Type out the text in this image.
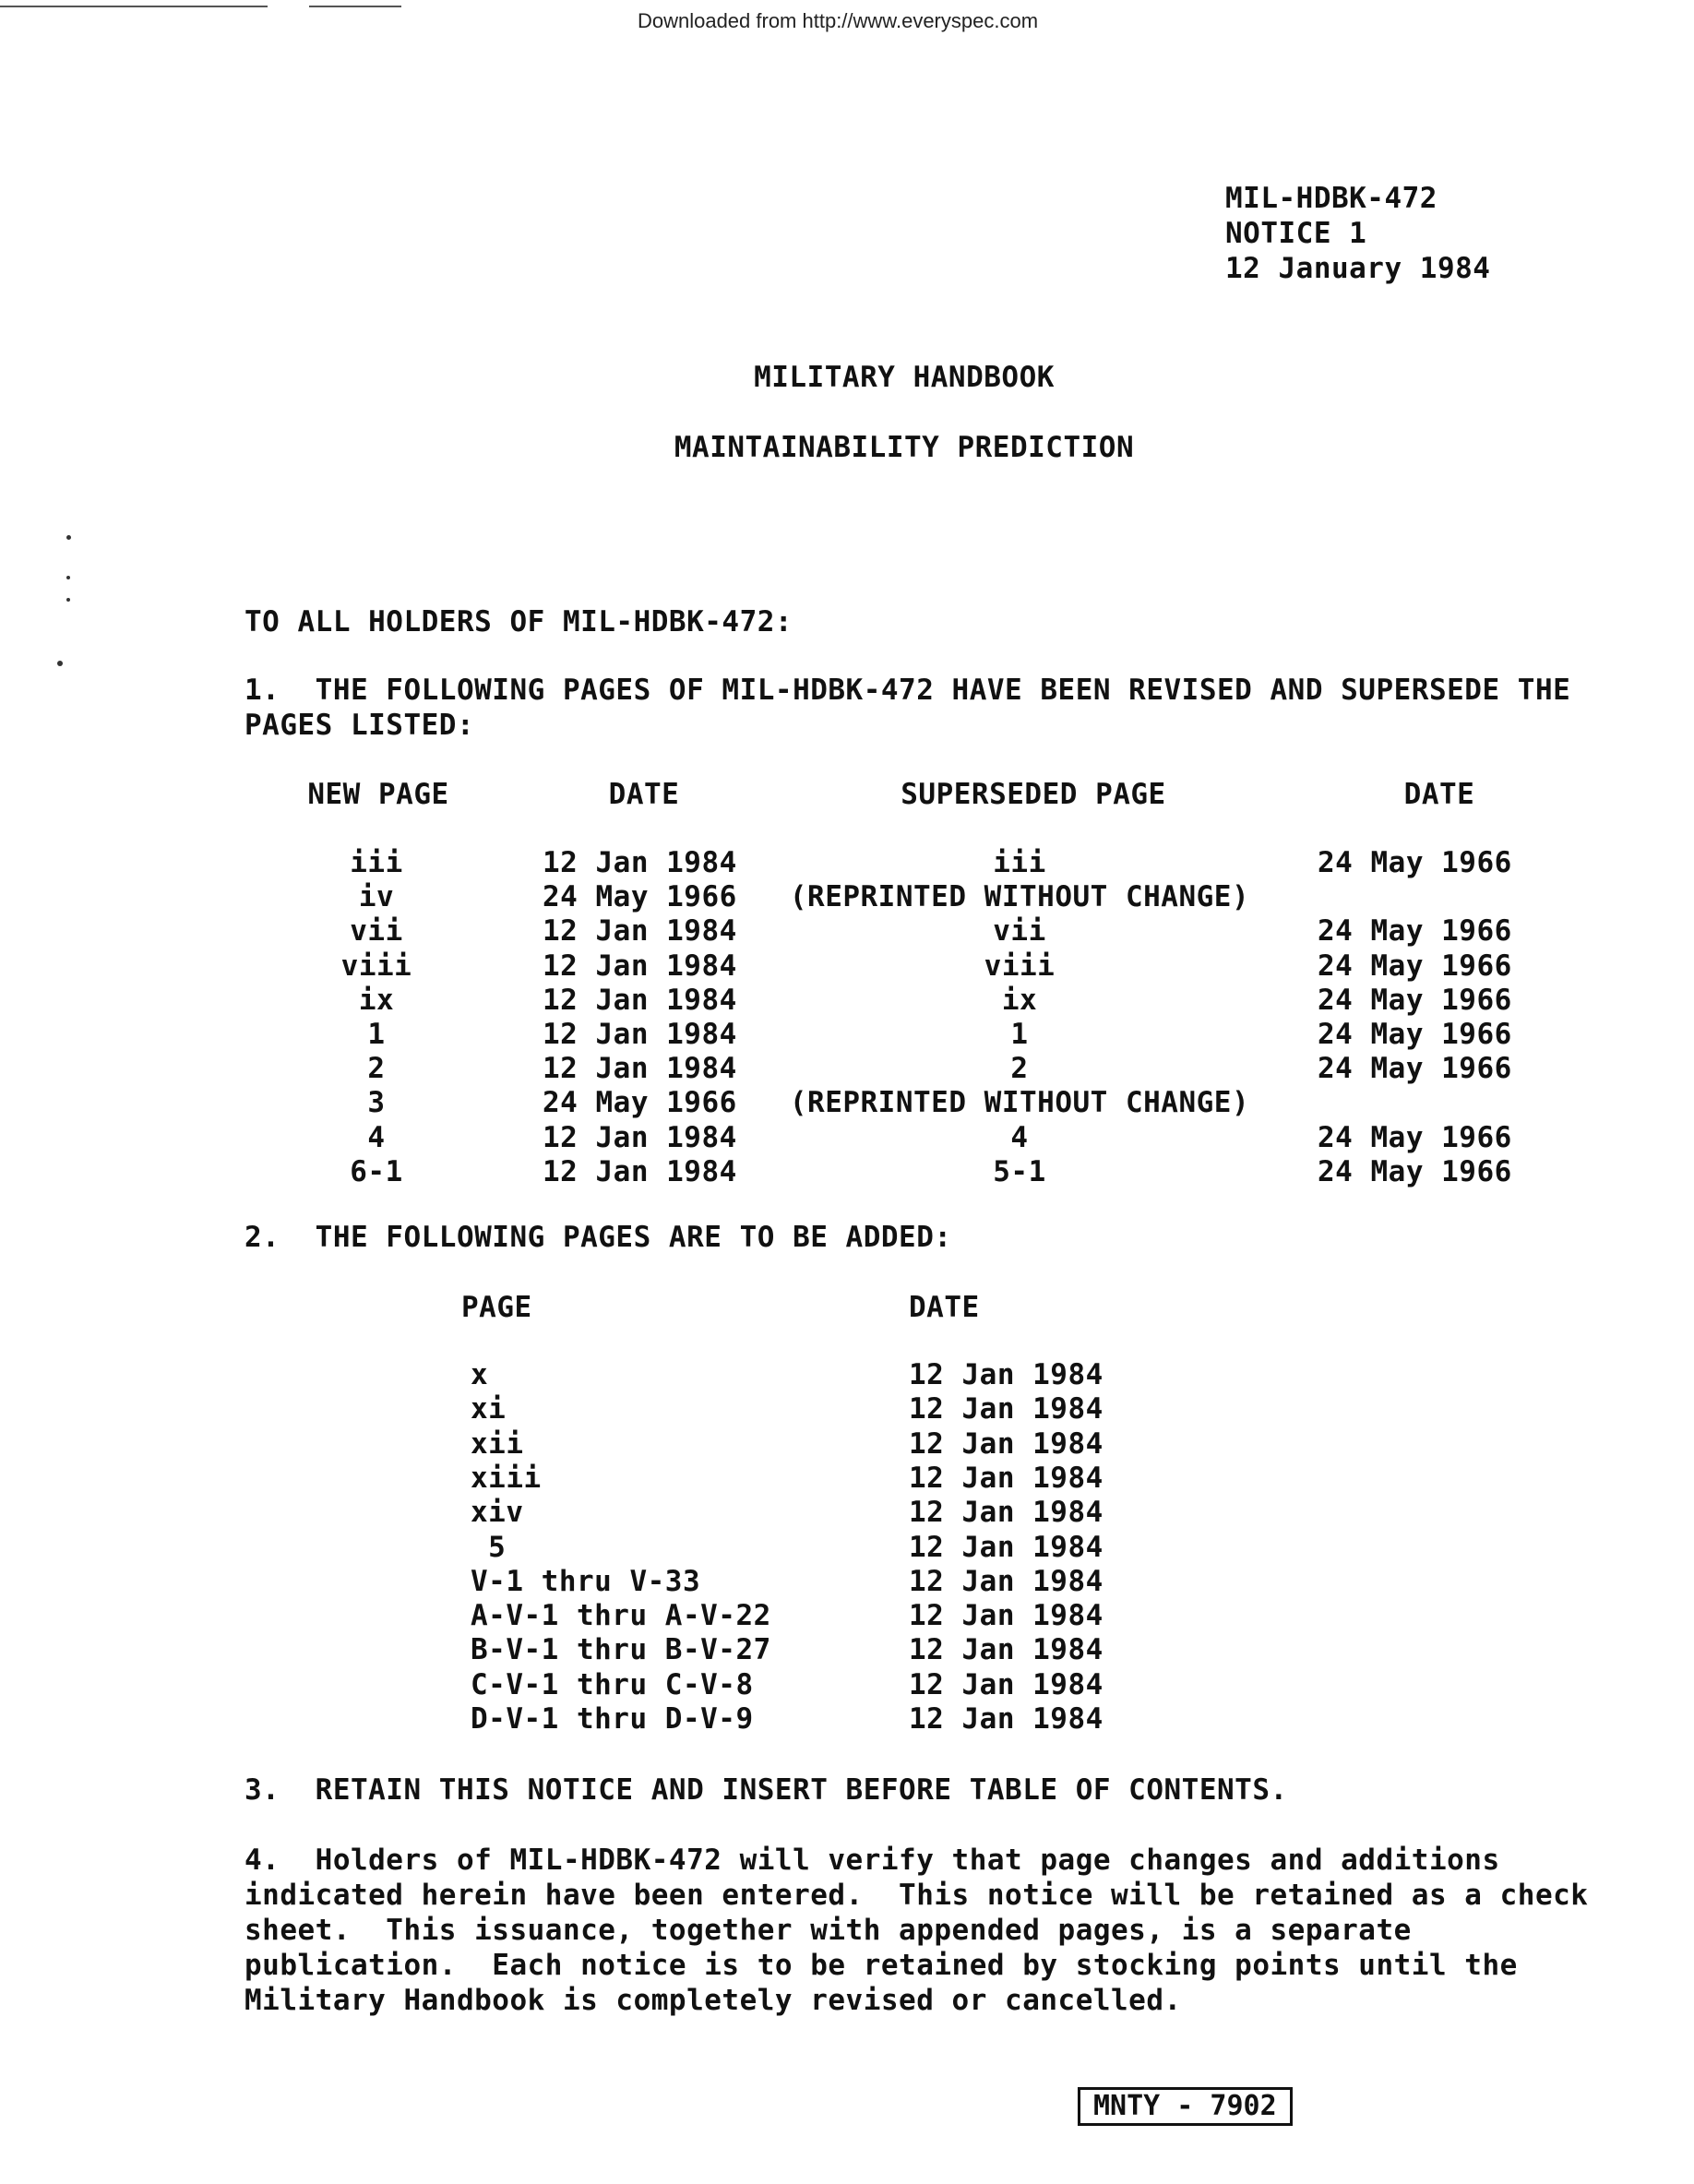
Downloaded from http://www.everyspec.com
MIL-HDBK-472
NOTICE 1
12 January 1984
MILITARY HANDBOOK
MAINTAINABILITY PREDICTION
TO ALL HOLDERS OF MIL-HDBK-472:
1.  THE FOLLOWING PAGES OF MIL-HDBK-472 HAVE BEEN REVISED AND SUPERSEDE THE
PAGES LISTED:
NEW PAGE	DATE	SUPERSEDED PAGE	DATE
iii	12 Jan 1984	iii	24 May 1966
iv	24 May 1966 (REPRINTED WITHOUT CHANGE)
vii	12 Jan 1984	vii	24 May 1966
viii	12 Jan 1984	viii	24 May 1966
ix	12 Jan 1984	ix	24 May 1966
1	12 Jan 1984	1	24 May 1966
2	12 Jan 1984	2	24 May 1966
3	24 May 1966 (REPRINTED WITHOUT CHANGE)
4	12 Jan 1984	4	24 May 1966
6-1	12 Jan 1984	5-1	24 May 1966
2.  THE FOLLOWING PAGES ARE TO BE ADDED:
PAGE	DATE
x	12 Jan 1984
xi	12 Jan 1984
xii	12 Jan 1984
xiii	12 Jan 1984
xiv	12 Jan 1984
5	12 Jan 1984
V-1 thru V-33	12 Jan 1984
A-V-1 thru A-V-22	12 Jan 1984
B-V-1 thru B-V-27	12 Jan 1984
C-V-1 thru C-V-8	12 Jan 1984
D-V-1 thru D-V-9	12 Jan 1984
3.  RETAIN THIS NOTICE AND INSERT BEFORE TABLE OF CONTENTS.
4.  Holders of MIL-HDBK-472 will verify that page changes and additions
indicated herein have been entered.  This notice will be retained as a check
sheet.  This issuance, together with appended pages, is a separate
publication.  Each notice is to be retained by stocking points until the
Military Handbook is completely revised or cancelled.
MNTY - 7902
